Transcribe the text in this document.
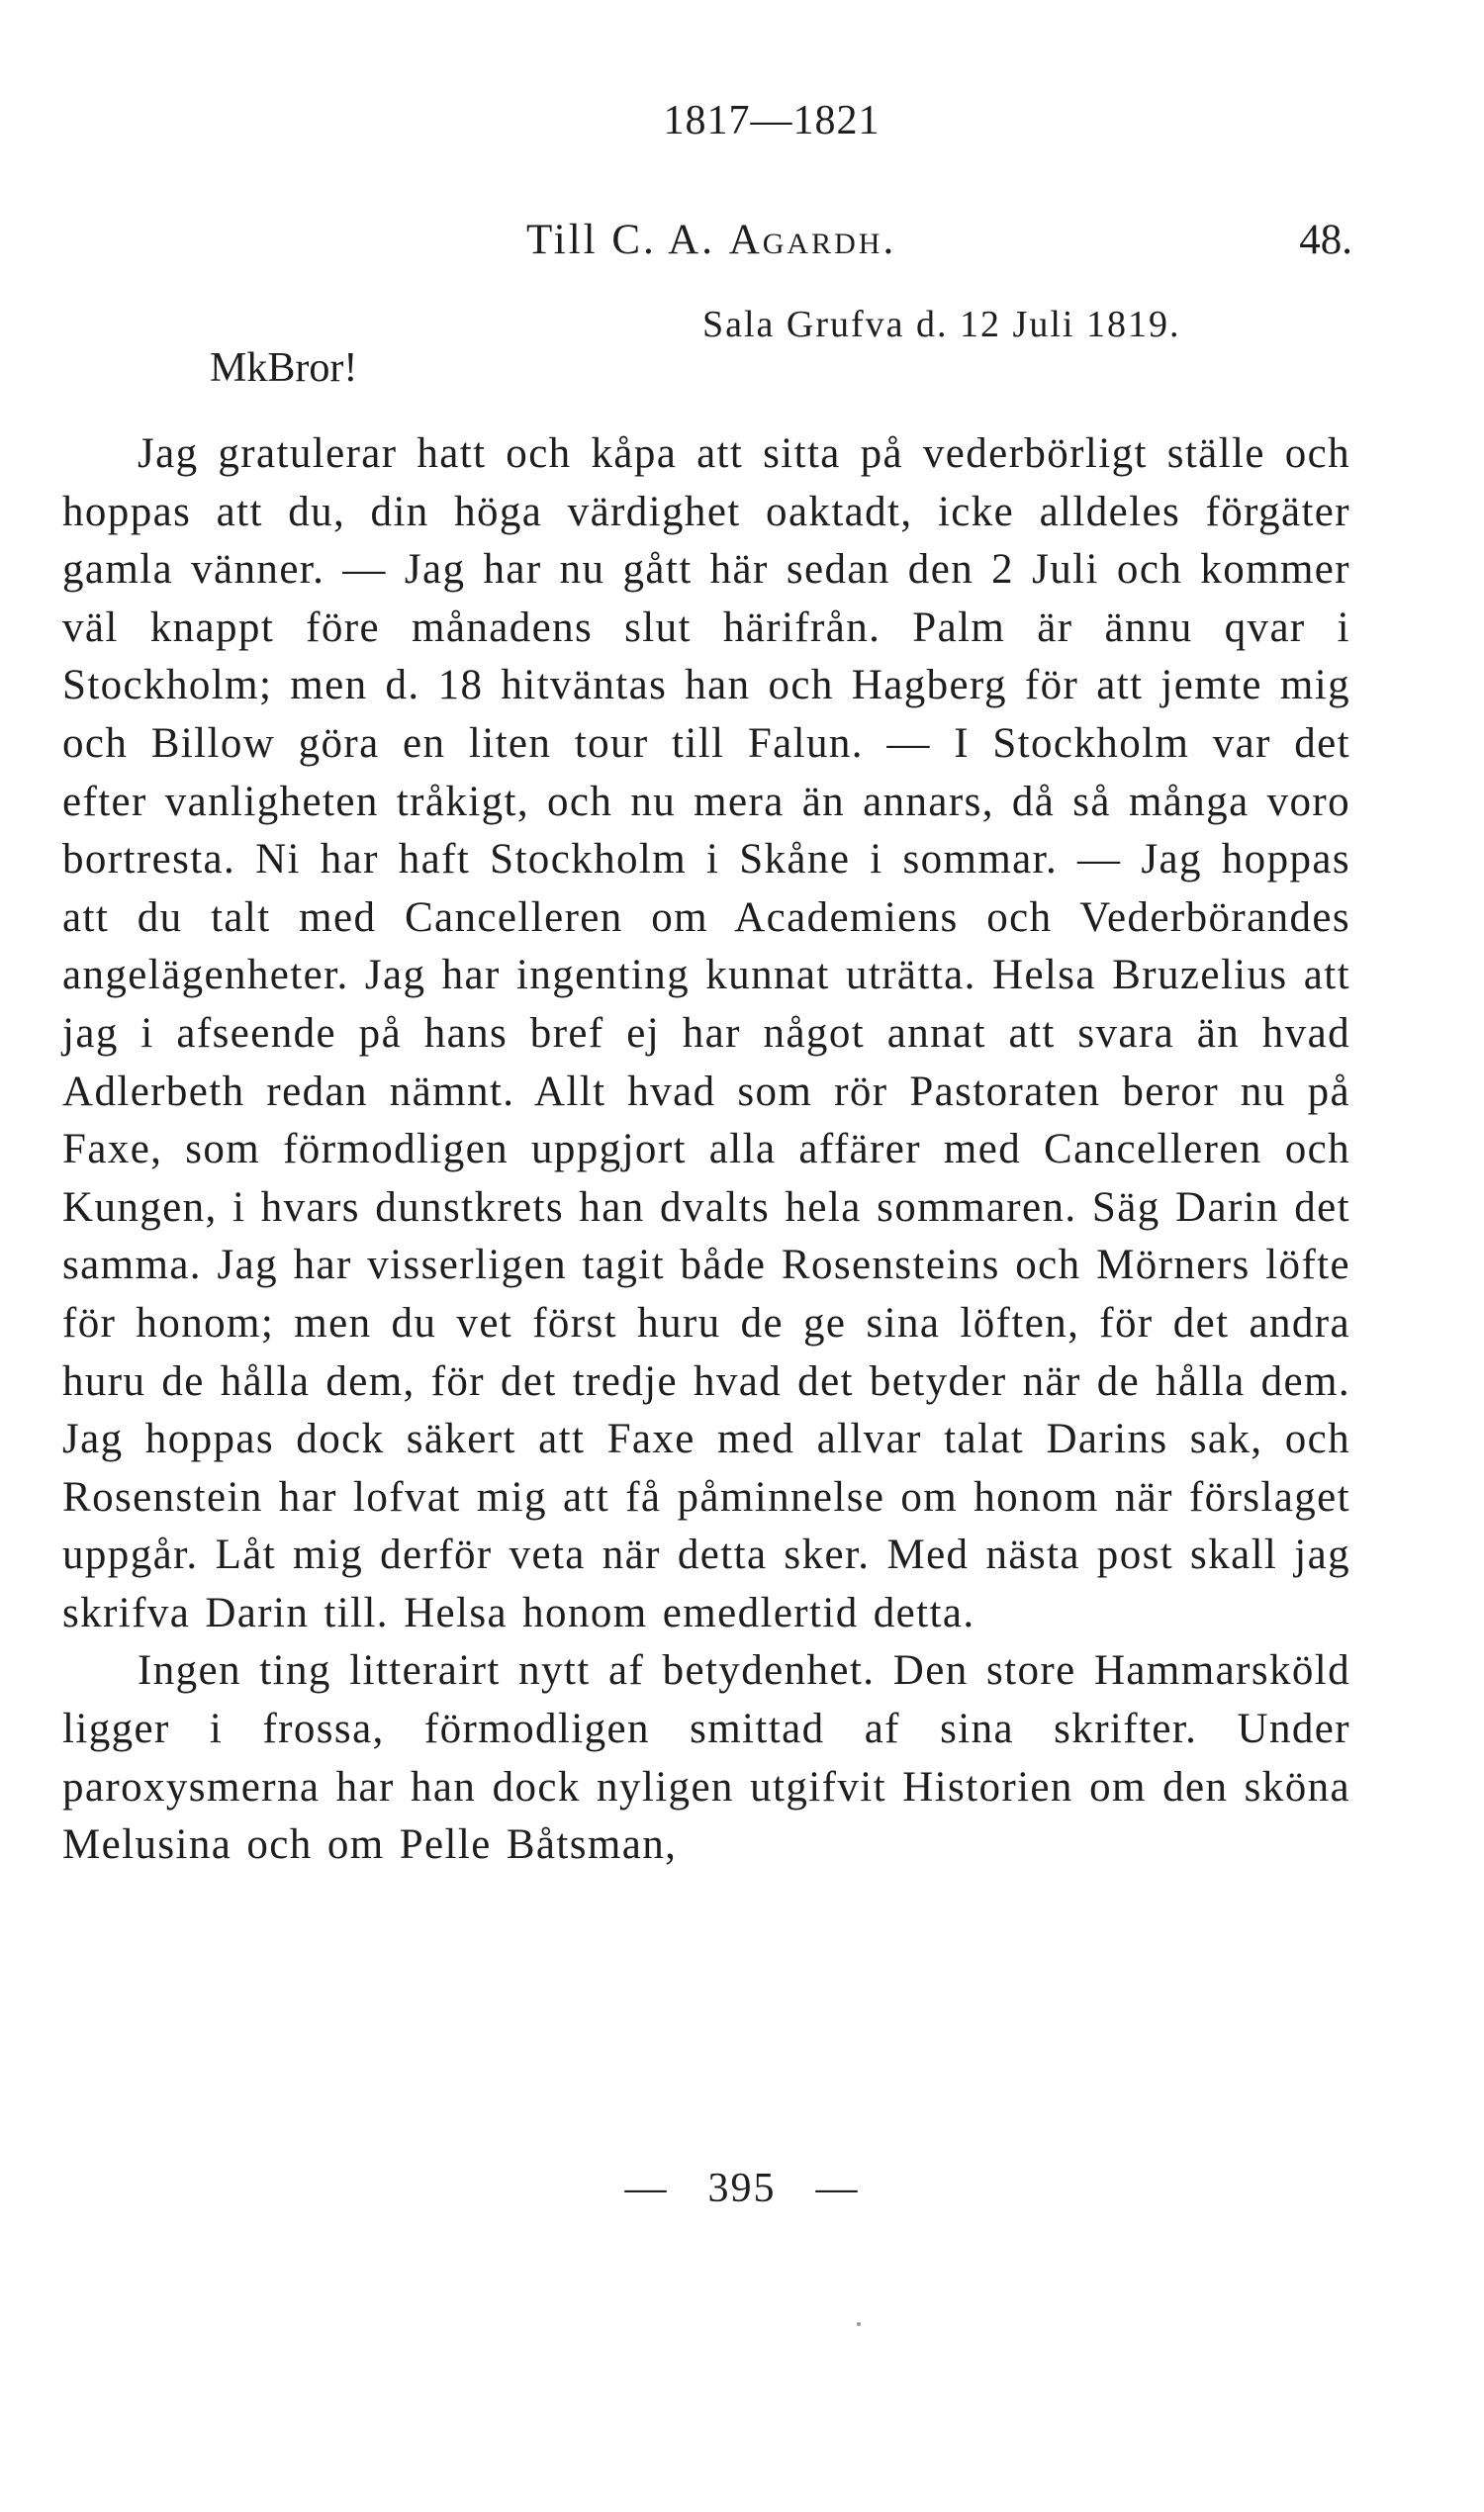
1817—1821
Till C. A. Agardh.	48.
Sala Grufva d. 12 Juli 1819.
MkBror!

Jag gratulerar hatt och kåpa att sitta på vederbörligt ställe och hoppas att du, din höga värdighet oaktadt, icke alldeles förgäter gamla vänner. — Jag har nu gått här sedan den 2 Juli och kommer väl knappt före månadens slut härifrån. Palm är ännu qvar i Stockholm; men d. 18 hitväntas han och Hagberg för att jemte mig och Billow göra en liten tour till Falun. — I Stockholm var det efter vanligheten tråkigt, och nu mera än annars, då så många voro bortresta. Ni har haft Stockholm i Skåne i sommar. — Jag hoppas att du talt med Cancelleren om Academiens och Vederbörandes angelägenheter. Jag har ingenting kunnat uträtta. Helsa Bruzelius att jag i afseende på hans bref ej har något annat att svara än hvad Adlerbeth redan nämnt. Allt hvad som rör Pastoraten beror nu på Faxe, som förmodligen uppgjort alla affärer med Cancelleren och Kungen, i hvars dunstkrets han dvalts hela sommaren. Säg Darin det samma. Jag har visserligen tagit både Rosensteins och Mörners löfte för honom; men du vet först huru de ge sina löften, för det andra huru de hålla dem, för det tredje hvad det betyder när de hålla dem. Jag hoppas dock säkert att Faxe med allvar talat Darins sak, och Rosenstein har lofvat mig att få påminnelse om honom när förslaget uppgår. Låt mig derför veta när detta sker. Med nästa post skall jag skrifva Darin till. Helsa honom emedlertid detta.

Ingen ting litterairt nytt af betydenhet. Den store Hammarsköld ligger i frossa, förmodligen smittad af sina skrifter. Under paroxysmerna har han dock nyligen utgifvit Historien om den sköna Melusina och om Pelle Båtsman,

— 395 —
